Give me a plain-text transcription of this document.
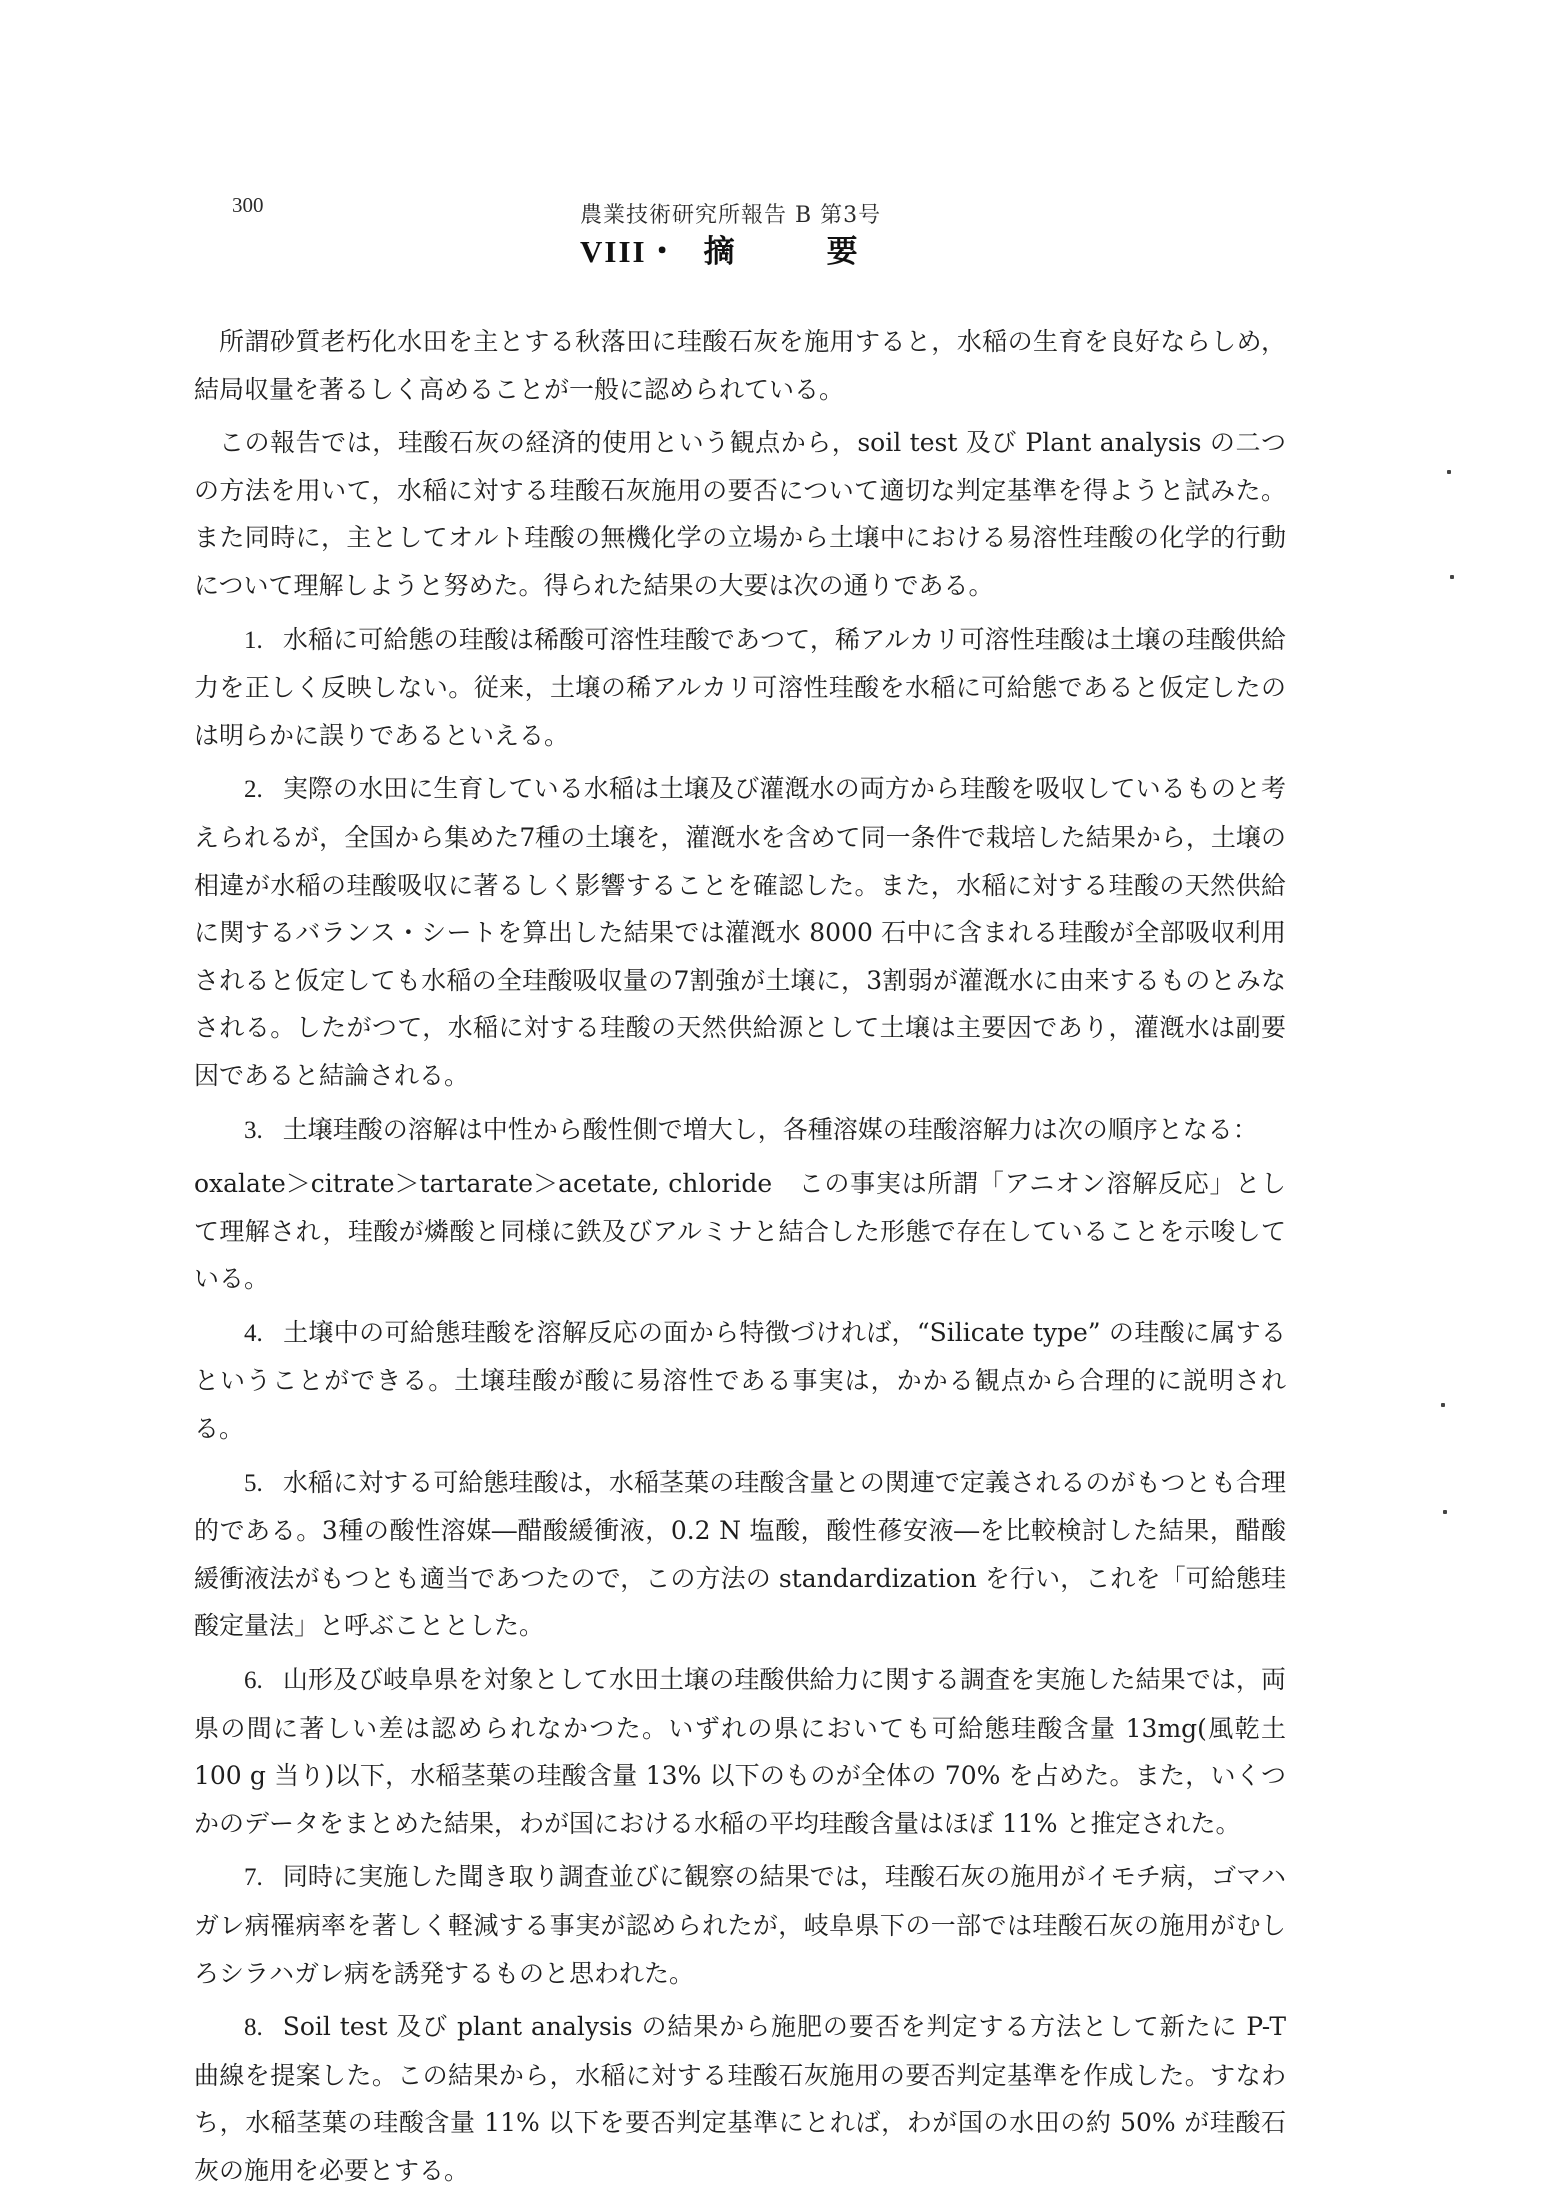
300	農業技術研究所報告 B 第3号
VIII・ 摘	要

所謂砂質老朽化水田を主とする秋落田に珪酸石灰を施用すると，水稲の生育を良好ならしめ，結局収量を著るしく高めることが一般に認められている。

この報告では，珪酸石灰の経済的使用という観点から，soil test 及び Plant analysis の二つの方法を用いて，水稲に対する珪酸石灰施用の要否について適切な判定基準を得ようと試みた。また同時に，主としてオルト珪酸の無機化学の立場から土壌中における易溶性珪酸の化学的行動について理解しようと努めた。得られた結果の大要は次の通りである。

1. 水稲に可給態の珪酸は稀酸可溶性珪酸であつて，稀アルカリ可溶性珪酸は土壌の珪酸供給力を正しく反映しない。従来，土壌の稀アルカリ可溶性珪酸を水稲に可給態であると仮定したのは明らかに誤りであるといえる。

2. 実際の水田に生育している水稲は土壌及び灌漑水の両方から珪酸を吸収しているものと考えられるが，全国から集めた7種の土壌を，灌漑水を含めて同一条件で栽培した結果から，土壌の相違が水稲の珪酸吸収に著るしく影響することを確認した。また，水稲に対する珪酸の天然供給に関するバランス・シートを算出した結果では灌漑水 8000 石中に含まれる珪酸が全部吸収利用されると仮定しても水稲の全珪酸吸収量の7割強が土壌に，3割弱が灌漑水に由来するものとみなされる。したがつて，水稲に対する珪酸の天然供給源として土壌は主要因であり，灌漑水は副要因であると結論される。

3. 土壌珪酸の溶解は中性から酸性側で増大し，各種溶媒の珪酸溶解力は次の順序となる：

oxalate＞citrate＞tartarate＞acetate, chloride　この事実は所謂「アニオン溶解反応」として理解され，珪酸が燐酸と同様に鉄及びアルミナと結合した形態で存在していることを示唆している。

4. 土壌中の可給態珪酸を溶解反応の面から特徴づければ，“Silicate type” の珪酸に属するということができる。土壌珪酸が酸に易溶性である事実は，かかる観点から合理的に説明される。

5. 水稲に対する可給態珪酸は，水稲茎葉の珪酸含量との関連で定義されるのがもつとも合理的である。3種の酸性溶媒―醋酸緩衝液，0.2 N 塩酸，酸性蓚安液―を比較検討した結果，醋酸緩衝液法がもつとも適当であつたので，この方法の standardization を行い，これを「可給態珪酸定量法」と呼ぶこととした。

6. 山形及び岐阜県を対象として水田土壌の珪酸供給力に関する調査を実施した結果では，両県の間に著しい差は認められなかつた。いずれの県においても可給態珪酸含量 13mg(風乾土 100 g 当り)以下，水稲茎葉の珪酸含量 13% 以下のものが全体の 70% を占めた。また，いくつかのデータをまとめた結果，わが国における水稲の平均珪酸含量はほぼ 11% と推定された。

7. 同時に実施した聞き取り調査並びに観察の結果では，珪酸石灰の施用がイモチ病，ゴマハガレ病罹病率を著しく軽減する事実が認められたが，岐阜県下の一部では珪酸石灰の施用がむしろシラハガレ病を誘発するものと思われた。

8. Soil test 及び plant analysis の結果から施肥の要否を判定する方法として新たに P-T 曲線を提案した。この結果から，水稲に対する珪酸石灰施用の要否判定基準を作成した。すなわち，水稲茎葉の珪酸含量 11% 以下を要否判定基準にとれば，わが国の水田の約 50% が珪酸石灰の施用を必要とする。
